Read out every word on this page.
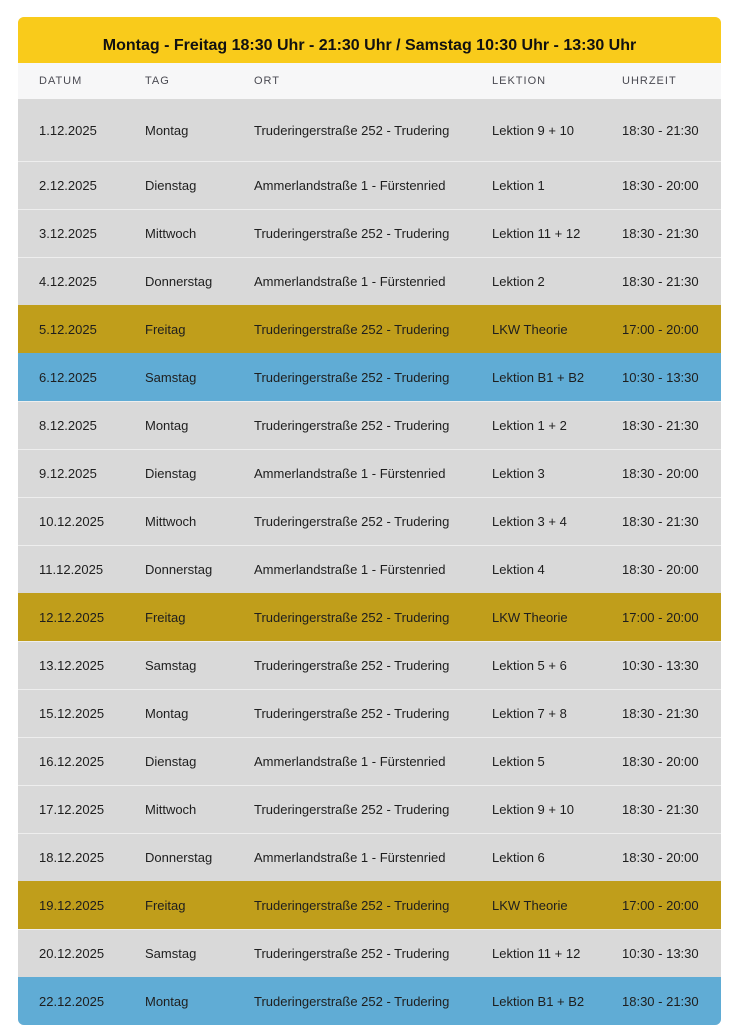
Montag - Freitag 18:30 Uhr - 21:30 Uhr / Samstag 10:30 Uhr - 13:30 Uhr
DATUM	TAG	ORT	LEKTION	UHRZEIT
1.12.2025	Montag	Truderingerstraße 252 - Trudering	Lektion 9 + 10	18:30 - 21:30
2.12.2025	Dienstag	Ammerlandstraße 1 - Fürstenried	Lektion 1	18:30 - 20:00
3.12.2025	Mittwoch	Truderingerstraße 252 - Trudering	Lektion 11 + 12	18:30 - 21:30
4.12.2025	Donnerstag	Ammerlandstraße 1 - Fürstenried	Lektion 2	18:30 - 21:30
5.12.2025	Freitag	Truderingerstraße 252 - Trudering	LKW Theorie	17:00 - 20:00
6.12.2025	Samstag	Truderingerstraße 252 - Trudering	Lektion B1 + B2	10:30 - 13:30
8.12.2025	Montag	Truderingerstraße 252 - Trudering	Lektion 1 + 2	18:30 - 21:30
9.12.2025	Dienstag	Ammerlandstraße 1 - Fürstenried	Lektion 3	18:30 - 20:00
10.12.2025	Mittwoch	Truderingerstraße 252 - Trudering	Lektion 3 + 4	18:30 - 21:30
11.12.2025	Donnerstag	Ammerlandstraße 1 - Fürstenried	Lektion 4	18:30 - 20:00
12.12.2025	Freitag	Truderingerstraße 252 - Trudering	LKW Theorie	17:00 - 20:00
13.12.2025	Samstag	Truderingerstraße 252 - Trudering	Lektion 5 + 6	10:30 - 13:30
15.12.2025	Montag	Truderingerstraße 252 - Trudering	Lektion 7 + 8	18:30 - 21:30
16.12.2025	Dienstag	Ammerlandstraße 1 - Fürstenried	Lektion 5	18:30 - 20:00
17.12.2025	Mittwoch	Truderingerstraße 252 - Trudering	Lektion 9 + 10	18:30 - 21:30
18.12.2025	Donnerstag	Ammerlandstraße 1 - Fürstenried	Lektion 6	18:30 - 20:00
19.12.2025	Freitag	Truderingerstraße 252 - Trudering	LKW Theorie	17:00 - 20:00
20.12.2025	Samstag	Truderingerstraße 252 - Trudering	Lektion 11 + 12	10:30 - 13:30
22.12.2025	Montag	Truderingerstraße 252 - Trudering	Lektion B1 + B2	18:30 - 21:30
